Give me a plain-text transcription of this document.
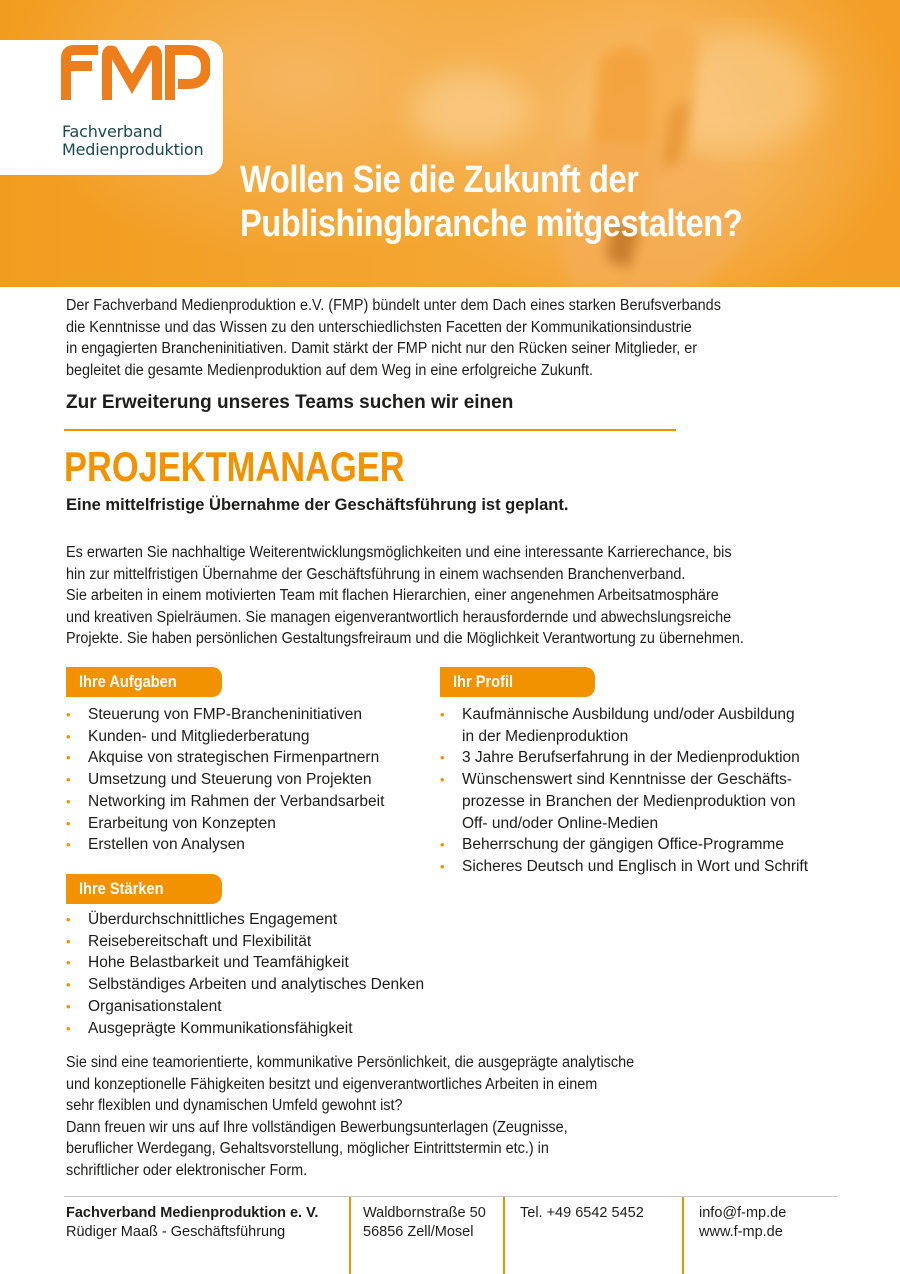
Fachverband
Medienproduktion
Wollen Sie die Zukunft der
Publishingbranche mitgestalten?
Der Fachverband Medienproduktion e.V. (FMP) bündelt unter dem Dach eines starken Berufsverbands
die Kenntnisse und das Wissen zu den unterschiedlichsten Facetten der Kommunikationsindustrie
in engagierten Brancheninitiativen. Damit stärkt der FMP nicht nur den Rücken seiner Mitglieder, er
begleitet die gesamte Medienproduktion auf dem Weg in eine erfolgreiche Zukunft.
Zur Erweiterung unseres Teams suchen wir einen
PROJEKTMANAGER
Eine mittelfristige Übernahme der Geschäftsführung ist geplant.
Es erwarten Sie nachhaltige Weiterentwicklungsmöglichkeiten und eine interessante Karrierechance, bis
hin zur mittelfristigen Übernahme der Geschäftsführung in einem wachsenden Branchenverband.
Sie arbeiten in einem motivierten Team mit flachen Hierarchien, einer angenehmen Arbeitsatmosphäre
und kreativen Spielräumen. Sie managen eigenverantwortlich herausfordernde und abwechslungsreiche
Projekte. Sie haben persönlichen Gestaltungsfreiraum und die Möglichkeit Verantwortung zu übernehmen.
Ihre Aufgaben
• Steuerung von FMP-Brancheninitiativen
• Kunden- und Mitgliederberatung
• Akquise von strategischen Firmenpartnern
• Umsetzung und Steuerung von Projekten
• Networking im Rahmen der Verbandsarbeit
• Erarbeitung von Konzepten
• Erstellen von Analysen
Ihr Profil
• Kaufmännische Ausbildung und/oder Ausbildung
in der Medienproduktion
• 3 Jahre Berufserfahrung in der Medienproduktion
• Wünschenswert sind Kenntnisse der Geschäfts-
prozesse in Branchen der Medienproduktion von
Off- und/oder Online-Medien
• Beherrschung der gängigen Office-Programme
• Sicheres Deutsch und Englisch in Wort und Schrift
Ihre Stärken
• Überdurchschnittliches Engagement
• Reisebereitschaft und Flexibilität
• Hohe Belastbarkeit und Teamfähigkeit
• Selbständiges Arbeiten und analytisches Denken
• Organisationstalent
• Ausgeprägte Kommunikationsfähigkeit
Sie sind eine teamorientierte, kommunikative Persönlichkeit, die ausgeprägte analytische
und konzeptionelle Fähigkeiten besitzt und eigenverantwortliches Arbeiten in einem
sehr flexiblen und dynamischen Umfeld gewohnt ist?
Dann freuen wir uns auf Ihre vollständigen Bewerbungsunterlagen (Zeugnisse,
beruflicher Werdegang, Gehaltsvorstellung, möglicher Eintrittstermin etc.) in
schriftlicher oder elektronischer Form.
Fachverband Medienproduktion e. V.
Rüdiger Maaß - Geschäftsführung
Waldbornstraße 50
56856 Zell/Mosel
Tel. +49 6542 5452	info@f-mp.de
www.f-mp.de
